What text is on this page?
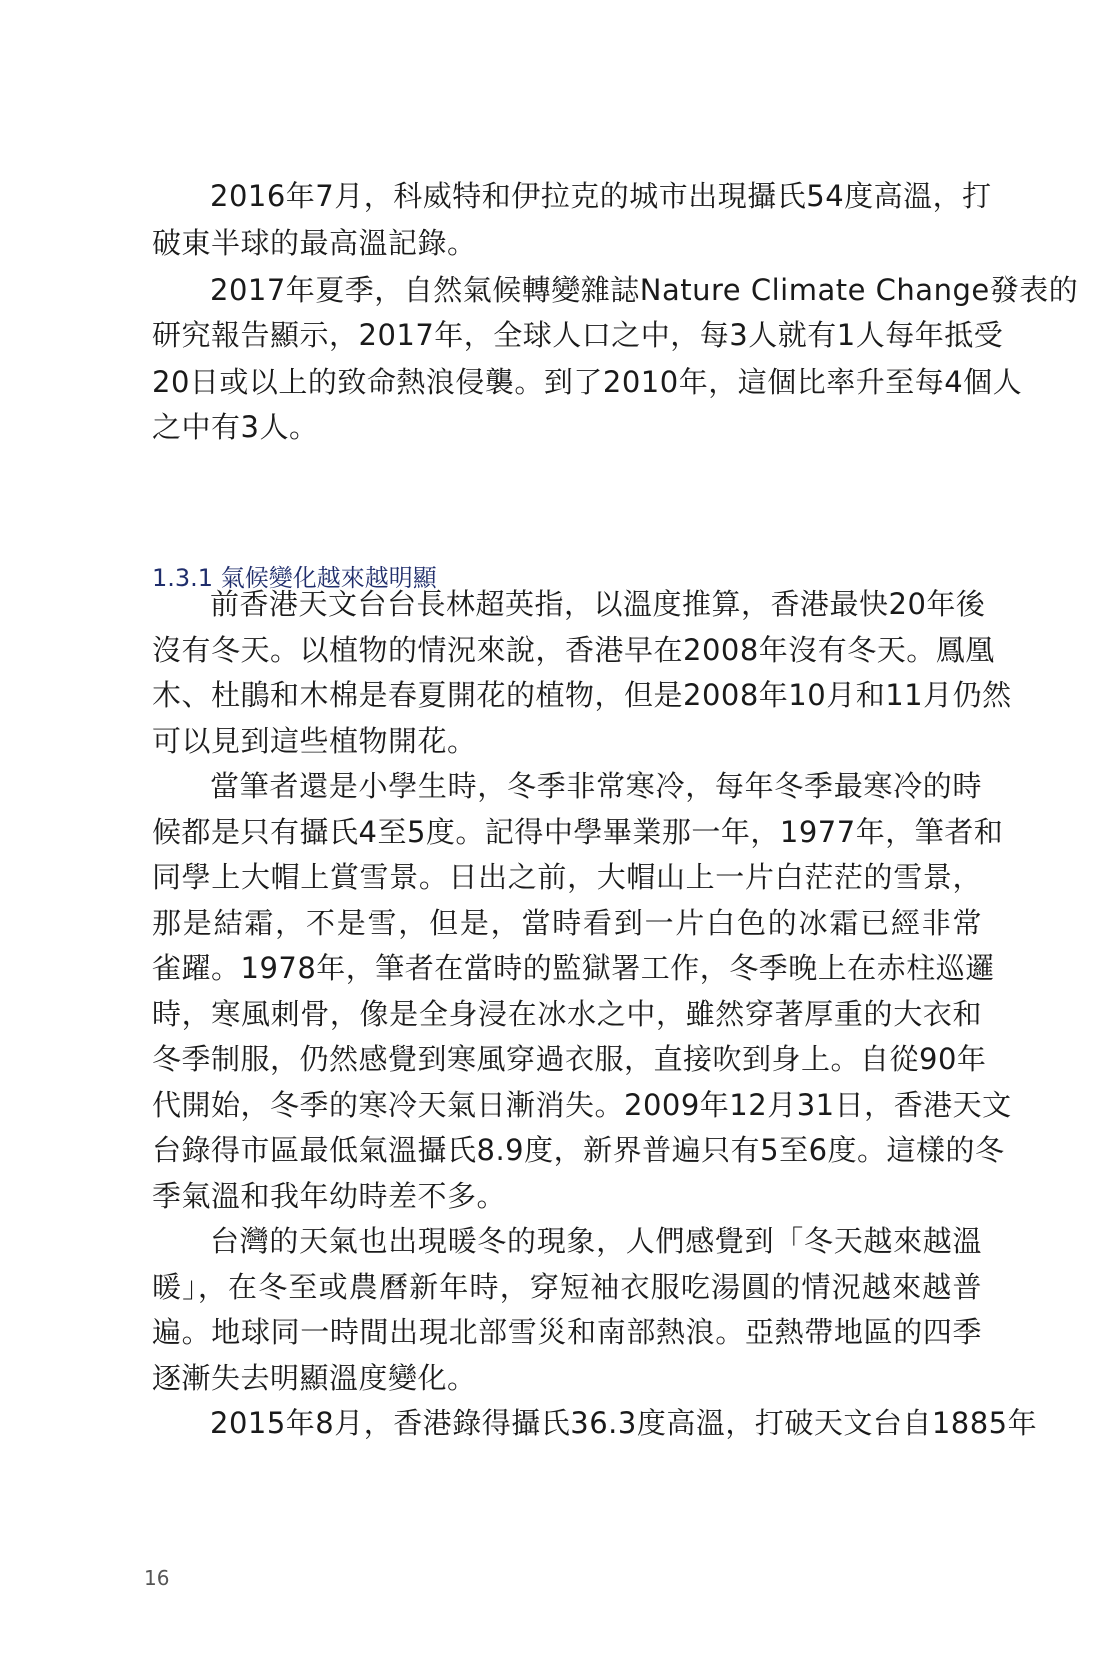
2016年7月，科威特和伊拉克的城市出現攝氏54度高溫，打
破東半球的最高溫記錄。
2017年夏季，自然氣候轉變雜誌Nature Climate Change發表的
研究報告顯示，2017年，全球人口之中，每3人就有1人每年抵受
20日或以上的致命熱浪侵襲。到了2010年，這個比率升至每4個人
之中有3人。
1.3.1 氣候變化越來越明顯
前香港天文台台長林超英指，以溫度推算，香港最快20年後
沒有冬天。以植物的情況來說，香港早在2008年沒有冬天。鳳凰
木、杜鵑和木棉是春夏開花的植物，但是2008年10月和11月仍然
可以見到這些植物開花。
當筆者還是小學生時，冬季非常寒冷，每年冬季最寒冷的時
候都是只有攝氏4至5度。記得中學畢業那一年，1977年，筆者和
同學上大帽上賞雪景。日出之前，大帽山上一片白茫茫的雪景，
那是結霜，不是雪，但是，當時看到一片白色的冰霜已經非常
雀躍。1978年，筆者在當時的監獄署工作，冬季晚上在赤柱巡邏
時，寒風刺骨，像是全身浸在冰水之中，雖然穿著厚重的大衣和
冬季制服，仍然感覺到寒風穿過衣服，直接吹到身上。自從90年
代開始，冬季的寒冷天氣日漸消失。2009年12月31日，香港天文
台錄得市區最低氣溫攝氏8.9度，新界普遍只有5至6度。這樣的冬
季氣溫和我年幼時差不多。
台灣的天氣也出現暖冬的現象，人們感覺到「冬天越來越溫
暖」，在冬至或農曆新年時，穿短袖衣服吃湯圓的情況越來越普
遍。地球同一時間出現北部雪災和南部熱浪。亞熱帶地區的四季
逐漸失去明顯溫度變化。
2015年8月，香港錄得攝氏36.3度高溫，打破天文台自1885年
16
